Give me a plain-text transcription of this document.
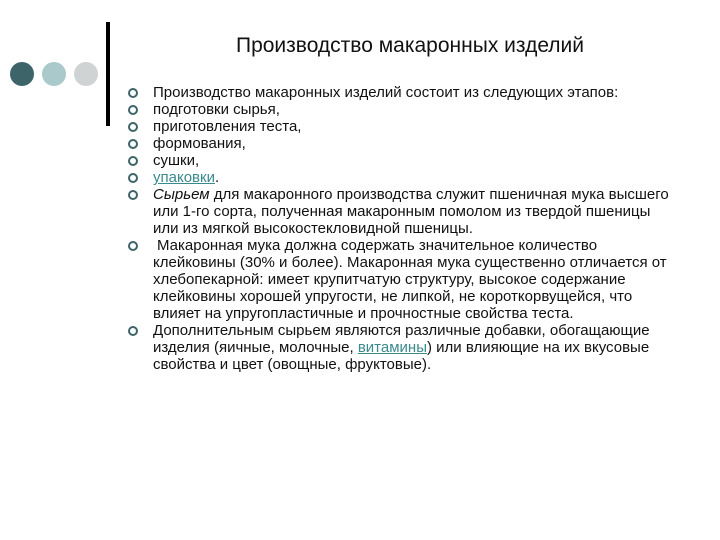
Производство макаронных изделий
Производство макаронных изделий состоит из следующих этапов:
подготовки сырья,
приготовления теста,
формования,
сушки,
упаковки.
Сырьем для макаронного производства служит пшеничная мука высшего или 1-го сорта, полученная макаронным помолом из твердой пшеницы или из мягкой высокостекловидной пшеницы.
Макаронная мука должна содержать значительное количество клейковины (30% и более). Макаронная мука существенно отличается от хлебопекарной: имеет крупитчатую структуру, высокое содержание клейковины хорошей упругости, не липкой, не короткорвущейся, что влияет на упругопластичные и прочностные свойства теста.
Дополнительным сырьем являются различные добавки, обогащающие изделия (яичные, молочные, витамины) или влияющие на их вкусовые свойства и цвет (овощные, фруктовые).
